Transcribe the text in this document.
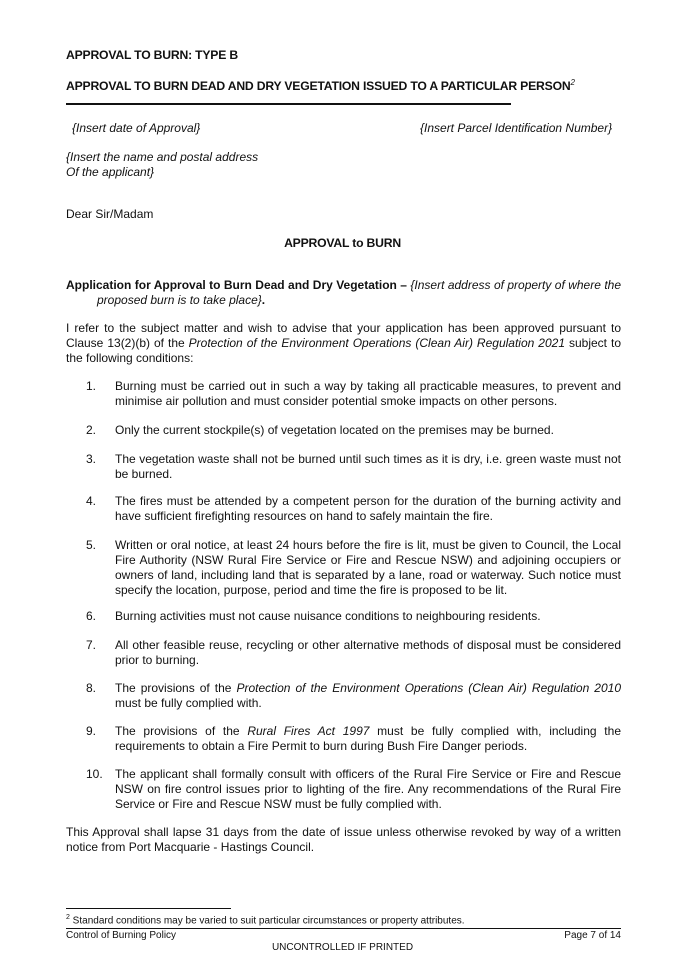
APPROVAL TO BURN: TYPE B
APPROVAL TO BURN DEAD AND DRY VEGETATION ISSUED TO A PARTICULAR PERSON$^2$
{Insert date of Approval}	{Insert Parcel Identification Number}
{Insert the name and postal address
Of the applicant}
Dear Sir/Madam
APPROVAL to BURN
Application for Approval to Burn Dead and Dry Vegetation – {Insert address of property of where the
proposed burn is to take place}.
I refer to the subject matter and wish to advise that your application has been approved pursuant to
Clause 13(2)(b) of the Protection of the Environment Operations (Clean Air) Regulation 2021 subject to
the following conditions:
1.	Burning must be carried out in such a way by taking all practicable measures, to prevent and minimise air pollution and must consider potential smoke impacts on other persons.
2.	Only the current stockpile(s) of vegetation located on the premises may be burned.
3.	The vegetation waste shall not be burned until such times as it is dry, i.e. green waste must not be burned.
4.	The fires must be attended by a competent person for the duration of the burning activity and have sufficient firefighting resources on hand to safely maintain the fire.
5.	Written or oral notice, at least 24 hours before the fire is lit, must be given to Council, the Local Fire Authority (NSW Rural Fire Service or Fire and Rescue NSW) and adjoining occupiers or owners of land, including land that is separated by a lane, road or waterway. Such notice must specify the location, purpose, period and time the fire is proposed to be lit.
6.	Burning activities must not cause nuisance conditions to neighbouring residents.
7.	All other feasible reuse, recycling or other alternative methods of disposal must be considered prior to burning.
8.	The provisions of the Protection of the Environment Operations (Clean Air) Regulation 2010 must be fully complied with.
9.	The provisions of the Rural Fires Act 1997 must be fully complied with, including the requirements to obtain a Fire Permit to burn during Bush Fire Danger periods.
10.	The applicant shall formally consult with officers of the Rural Fire Service or Fire and Rescue NSW on fire control issues prior to lighting of the fire. Any recommendations of the Rural Fire Service or Fire and Rescue NSW must be fully complied with.
This Approval shall lapse 31 days from the date of issue unless otherwise revoked by way of a written
notice from Port Macquarie - Hastings Council.
$^2$ Standard conditions may be varied to suit particular circumstances or property attributes.
Control of Burning Policy	Page 7 of 14
UNCONTROLLED IF PRINTED
